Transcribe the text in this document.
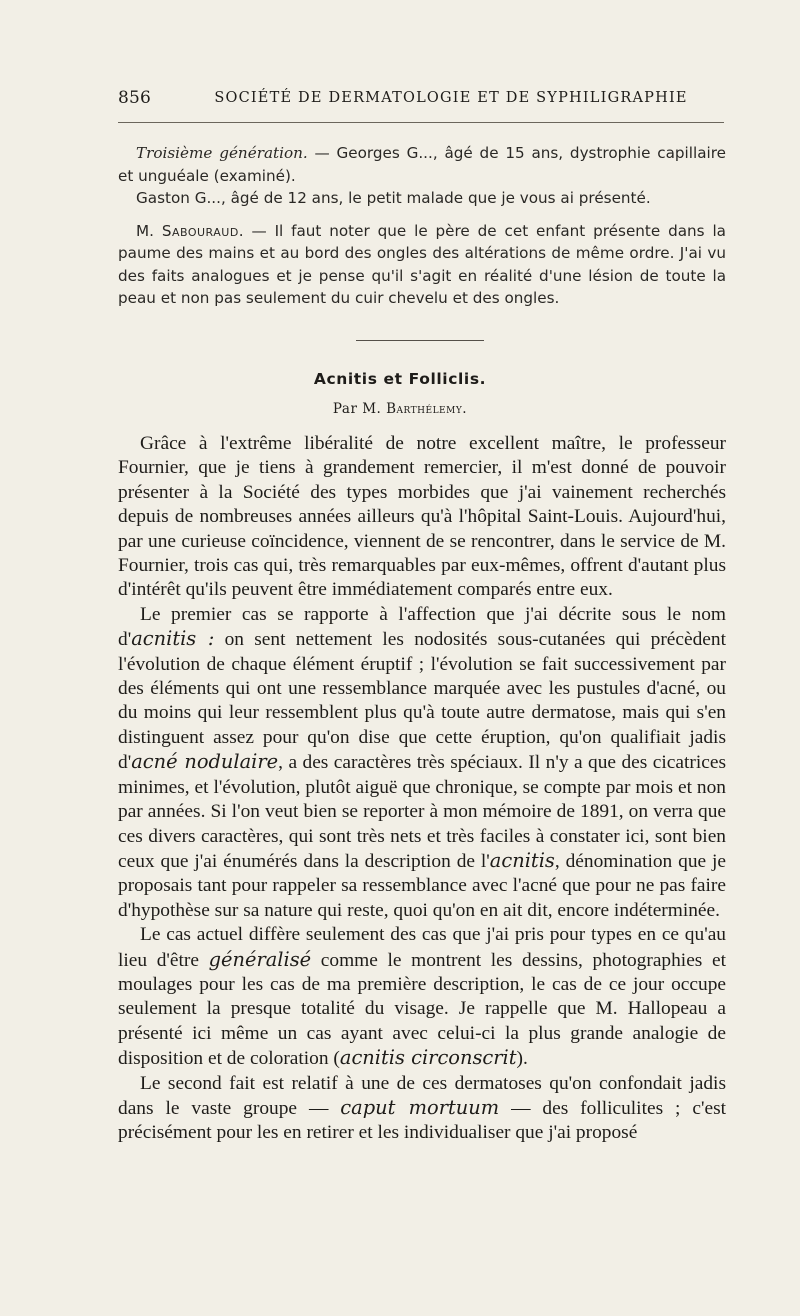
856	SOCIÉTÉ DE DERMATOLOGIE ET DE SYPHILIGRAPHIE

Troisième génération. — Georges G..., âgé de 15 ans, dystrophie capillaire et unguéale (examiné).

Gaston G..., âgé de 12 ans, le petit malade que je vous ai présenté.

M. Sabouraud. — Il faut noter que le père de cet enfant présente dans la paume des mains et au bord des ongles des altérations de même ordre. J'ai vu des faits analogues et je pense qu'il s'agit en réalité d'une lésion de toute la peau et non pas seulement du cuir chevelu et des ongles.

Acnitis et Folliclis.
Par M. Barthélemy.

Grâce à l'extrême libéralité de notre excellent maître, le professeur Fournier, que je tiens à grandement remercier, il m'est donné de pouvoir présenter à la Société des types morbides que j'ai vainement recherchés depuis de nombreuses années ailleurs qu'à l'hôpital Saint-Louis. Aujourd'hui, par une curieuse coïncidence, viennent de se rencontrer, dans le service de M. Fournier, trois cas qui, très remarquables par eux-mêmes, offrent d'autant plus d'intérêt qu'ils peuvent être immédiatement comparés entre eux.

Le premier cas se rapporte à l'affection que j'ai décrite sous le nom d'acnitis : on sent nettement les nodosités sous-cutanées qui précèdent l'évolution de chaque élément éruptif ; l'évolution se fait successivement par des éléments qui ont une ressemblance marquée avec les pustules d'acné, ou du moins qui leur ressemblent plus qu'à toute autre dermatose, mais qui s'en distinguent assez pour qu'on dise que cette éruption, qu'on qualifiait jadis d'acné nodulaire, a des caractères très spéciaux. Il n'y a que des cicatrices minimes, et l'évolution, plutôt aiguë que chronique, se compte par mois et non par années. Si l'on veut bien se reporter à mon mémoire de 1891, on verra que ces divers caractères, qui sont très nets et très faciles à constater ici, sont bien ceux que j'ai énumérés dans la description de l'acnitis, dénomination que je proposais tant pour rappeler sa ressemblance avec l'acné que pour ne pas faire d'hypothèse sur sa nature qui reste, quoi qu'on en ait dit, encore indéterminée.

Le cas actuel diffère seulement des cas que j'ai pris pour types en ce qu'au lieu d'être généralisé comme le montrent les dessins, photographies et moulages pour les cas de ma première description, le cas de ce jour occupe seulement la presque totalité du visage. Je rappelle que M. Hallopeau a présenté ici même un cas ayant avec celui-ci la plus grande analogie de disposition et de coloration (acnitis circonscrit).

Le second fait est relatif à une de ces dermatoses qu'on confondait jadis dans le vaste groupe — caput mortuum — des folliculites ; c'est précisément pour les en retirer et les individualiser que j'ai proposé
